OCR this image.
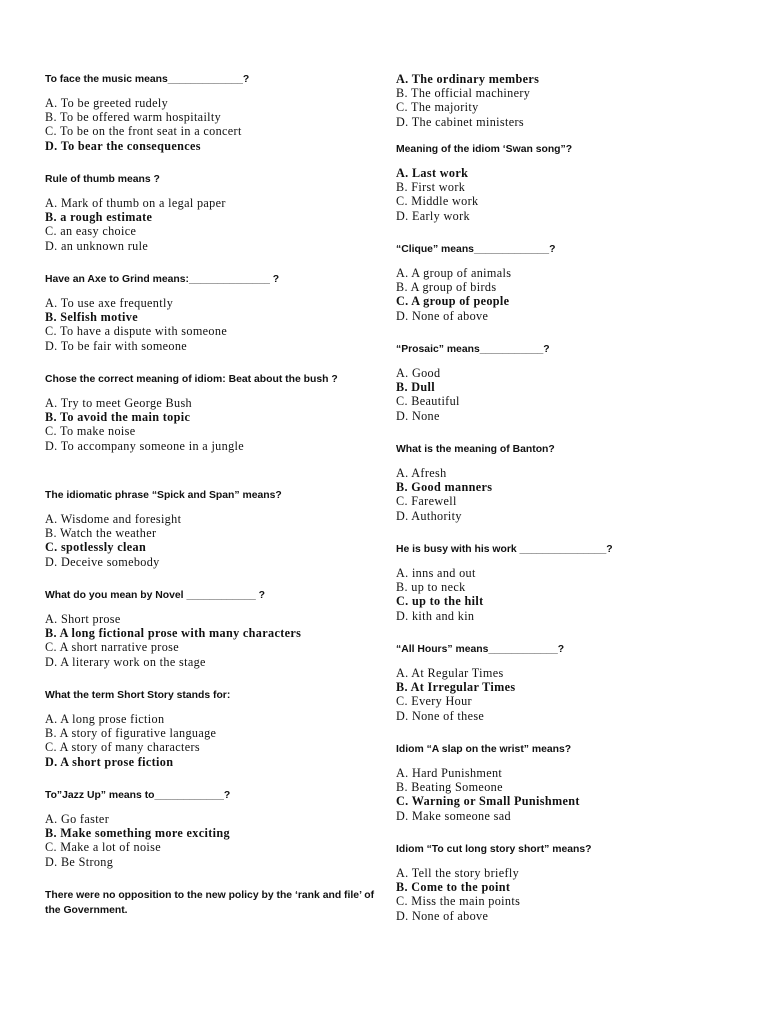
To face the music means_____________?

A. To be greeted rudely
B. To be offered warm hospitailty
C. To be on the front seat in a concert
D. To bear the consequences

Rule of thumb means ?

A. Mark of thumb on a legal paper
B. a rough estimate
C. an easy choice
D. an unknown rule

Have an Axe to Grind means:______________ ?

A. To use axe frequently
B. Selfish motive
C. To have a dispute with someone
D. To be fair with someone

Chose the correct meaning of idiom: Beat about the bush ?

A. Try to meet George Bush
B. To avoid the main topic
C. To make noise
D. To accompany someone in a jungle

The idiomatic phrase “Spick and Span” means?

A. Wisdome and foresight
B. Watch the weather
C. spotlessly clean
D. Deceive somebody

What do you mean by Novel ____________ ?

A. Short prose
B. A long fictional prose with many characters
C. A short narrative prose
D. A literary work on the stage

What the term Short Story stands for:

A. A long prose fiction
B. A story of figurative language
C. A story of many characters
D. A short prose fiction

To”Jazz Up” means to____________?

A. Go faster
B. Make something more exciting
C. Make a lot of noise
D. Be Strong

There were no opposition to the new policy by the ‘rank and file’ of the Government.

A. The ordinary members
B. The official machinery
C. The majority
D. The cabinet ministers

Meaning of the idiom ‘Swan song”?

A. Last work
B. First work
C. Middle work
D. Early work

“Clique” means_____________?

A. A group of animals
B. A group of birds
C. A group of people
D. None of above

“Prosaic” means___________?

A. Good
B. Dull
C. Beautiful
D. None

What is the meaning of Banton?

A. Afresh
B. Good manners
C. Farewell
D. Authority

He is busy with his work _______________?

A. inns and out
B. up to neck
C. up to the hilt
D. kith and kin

“All Hours” means____________?

A. At Regular Times
B. At Irregular Times
C. Every Hour
D. None of these

Idiom “A slap on the wrist” means?

A. Hard Punishment
B. Beating Someone
C. Warning or Small Punishment
D. Make someone sad

Idiom “To cut long story short” means?

A. Tell the story briefly
B. Come to the point
C. Miss the main points
D. None of above
